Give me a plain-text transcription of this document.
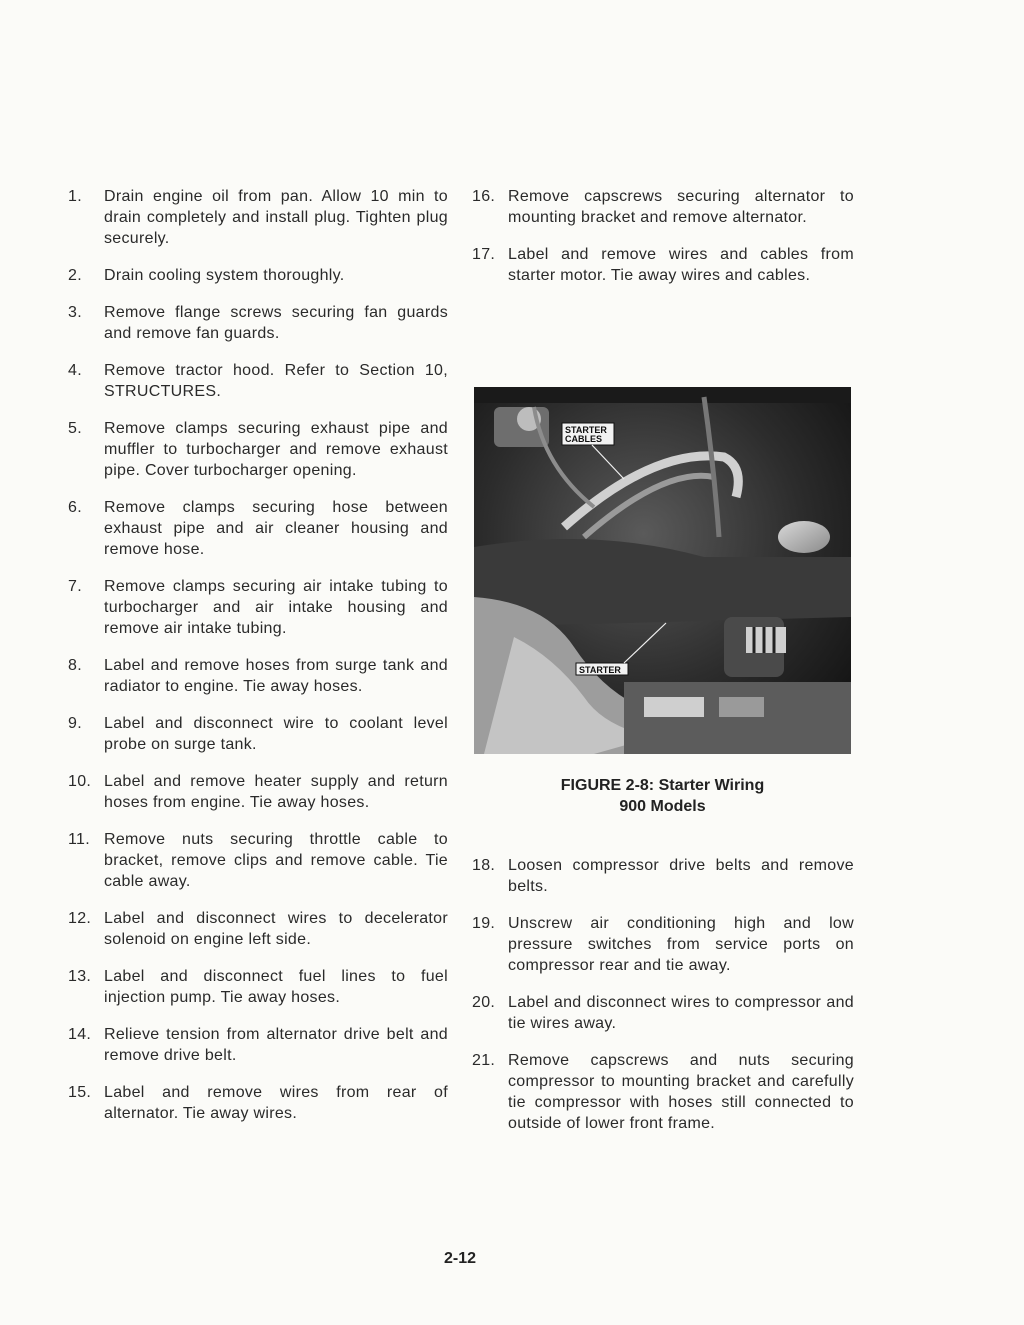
1.	Drain engine oil from pan. Allow 10 min to drain completely and install plug. Tighten plug securely.
2.	Drain cooling system thoroughly.
3.	Remove flange screws securing fan guards and remove fan guards.
4.	Remove tractor hood. Refer to Section 10, STRUCTURES.
5.	Remove clamps securing exhaust pipe and muffler to turbocharger and remove exhaust pipe. Cover turbocharger opening.
6.	Remove clamps securing hose between exhaust pipe and air cleaner housing and remove hose.
7.	Remove clamps securing air intake tubing to turbocharger and air intake housing and remove air intake tubing.
8.	Label and remove hoses from surge tank and radiator to engine. Tie away hoses.
9.	Label and disconnect wire to coolant level probe on surge tank.
10. Label and remove heater supply and return hoses from engine. Tie away hoses.
11. Remove nuts securing throttle cable to bracket, remove clips and remove cable. Tie cable away.
12. Label and disconnect wires to decelerator solenoid on engine left side.
13. Label and disconnect fuel lines to fuel injection pump. Tie away hoses.
14. Relieve tension from alternator drive belt and remove drive belt.
15. Label and remove wires from rear of alternator. Tie away wires.
16. Remove capscrews securing alternator to mounting bracket and remove alternator.
17. Label and remove wires and cables from starter motor. Tie away wires and cables.
STARTER
CABLES
STARTER
FIGURE 2-8: Starter Wiring
900 Models
18. Loosen compressor drive belts and remove belts.
19. Unscrew air conditioning high and low pressure switches from service ports on compressor rear and tie away.
20. Label and disconnect wires to compressor and tie wires away.
21. Remove capscrews and nuts securing compressor to mounting bracket and carefully tie compressor with hoses still connected to outside of lower front frame.
2-12
